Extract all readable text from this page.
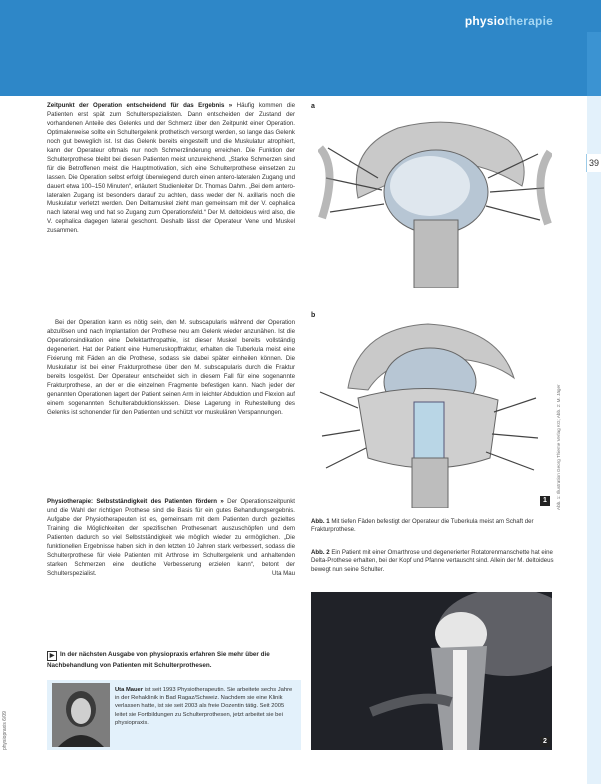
physiotherapie
39
Zeitpunkt der Operation entscheidend für das Ergebnis » Häufig kommen die Patienten erst spät zum Schulterspezialisten. Dann entscheiden der Zustand der vorhandenen Anteile des Gelenks und der Schmerz über den Zeitpunkt einer Operation. Optimalerweise sollte ein Schultergelenk prothetisch versorgt werden, so lange das Gelenk noch gut beweglich ist. Ist das Gelenk bereits eingesteift und die Muskulatur atrophiert, kann der Operateur oftmals nur noch Schmerzlinderung erreichen. Die Funktion der Schulterprothese bleibt bei diesen Patienten meist unzureichend. „Starke Schmerzen sind für die Betroffenen meist die Hauptmotivation, sich eine Schulterprothese einsetzen zu lassen. Die Operation selbst erfolgt überwiegend durch einen antero-lateralen Zugang und dauert etwa 100–150 Minuten“, erläutert Studienleiter Dr. Thomas Dahm. „Bei dem antero-lateralen Zugang ist besonders darauf zu achten, dass weder der N. axillaris noch die Muskulatur verletzt werden. Den Deltamuskel zieht man gemeinsam mit der V. cephalica nach lateral weg und hat so Zugang zum Operationsfeld.“ Der M. deltoideus wird also, die V. cephalica dagegen lateral geschont. Deshalb lässt der Operateur Vene und Muskel zusammen.
Bei der Operation kann es nötig sein, den M. subscapularis während der Operation abzulösen und nach Implantation der Prothese neu am Gelenk wieder anzunähen. Ist die Operationsindikation eine Defektarthropathie, ist dieser Muskel bereits vollständig degeneriert. Hat der Patient eine Humeruskopffraktur, erhalten die Tuberkula meist eine Fixierung mit Fäden an die Prothese, sodass sie dabei später einheilen können. Die Muskulatur ist bei einer Frakturprothese über den M. subscapularis durch die Fraktur bereits losgelöst. Der Operateur entscheidet sich in diesem Fall für eine sogenannte Frakturprothese, an der er die einzelnen Fragmente befestigen kann. Nach jeder der genannten Operationen lagert der Patient seinen Arm in leichter Abduktion und Flexion auf einem sogenannten Schulterabduktionskissen. Diese Lagerung in Ruhestellung des Gelenks ist schonender für den Patienten und schützt vor muskulären Verspannungen.
Physiotherapie: Selbstständigkeit des Patienten fördern » Der Operationszeitpunkt und die Wahl der richtigen Prothese sind die Basis für ein gutes Behandlungsergebnis. Aufgabe der Physiotherapeuten ist es, gemeinsam mit dem Patienten durch gezieltes Training die Möglichkeiten der spezifischen Prothesenart auszuschöpfen und dem Patienten dadurch so viel Selbstständigkeit wie möglich wieder zu ermöglichen. „Die funktionellen Ergebnisse haben sich in den letzten 10 Jahren stark verbessert, sodass die Schulterprothese für viele Patienten mit Arthrose im Schultergelenk und anhaltenden starken Schmerzen eine deutliche Verbesserung erzielen kann“, betont der Schulterspezialist.	Uta Mau
▶ In der nächsten Ausgabe von physiopraxis erfahren Sie mehr über die Nachbehandlung von Patienten mit Schulterprothesen.
Uta Mauer ist seit 1993 Physiotherapeutin. Sie arbeitete sechs Jahre in der Rehaklinik in Bad Ragaz/Schweiz. Nachdem sie eine Klinik verlassen hatte, ist sie seit 2003 als freie Dozentin tätig. Seit 2005 leitet sie Fortbildungen zu Schulterprothesen, jetzt arbeitet sie bei physiopraxis.
physiopraxis 6/09
Abb. 1: Illustration Georg Thieme Verlag KG; Abb. 2: M. Jäger
a
b
1
Abb. 1 Mit tiefen Fäden befestigt der Operateur die Tuberkula meist am Schaft der Frakturprothese.
Abb. 2 Ein Patient mit einer Omarthrose und degenerierter Rotatorenmanschette hat eine Delta-Prothese erhalten, bei der Kopf und Pfanne vertauscht sind. Allein der M. deltoideus bewegt nun seine Schulter.
2
